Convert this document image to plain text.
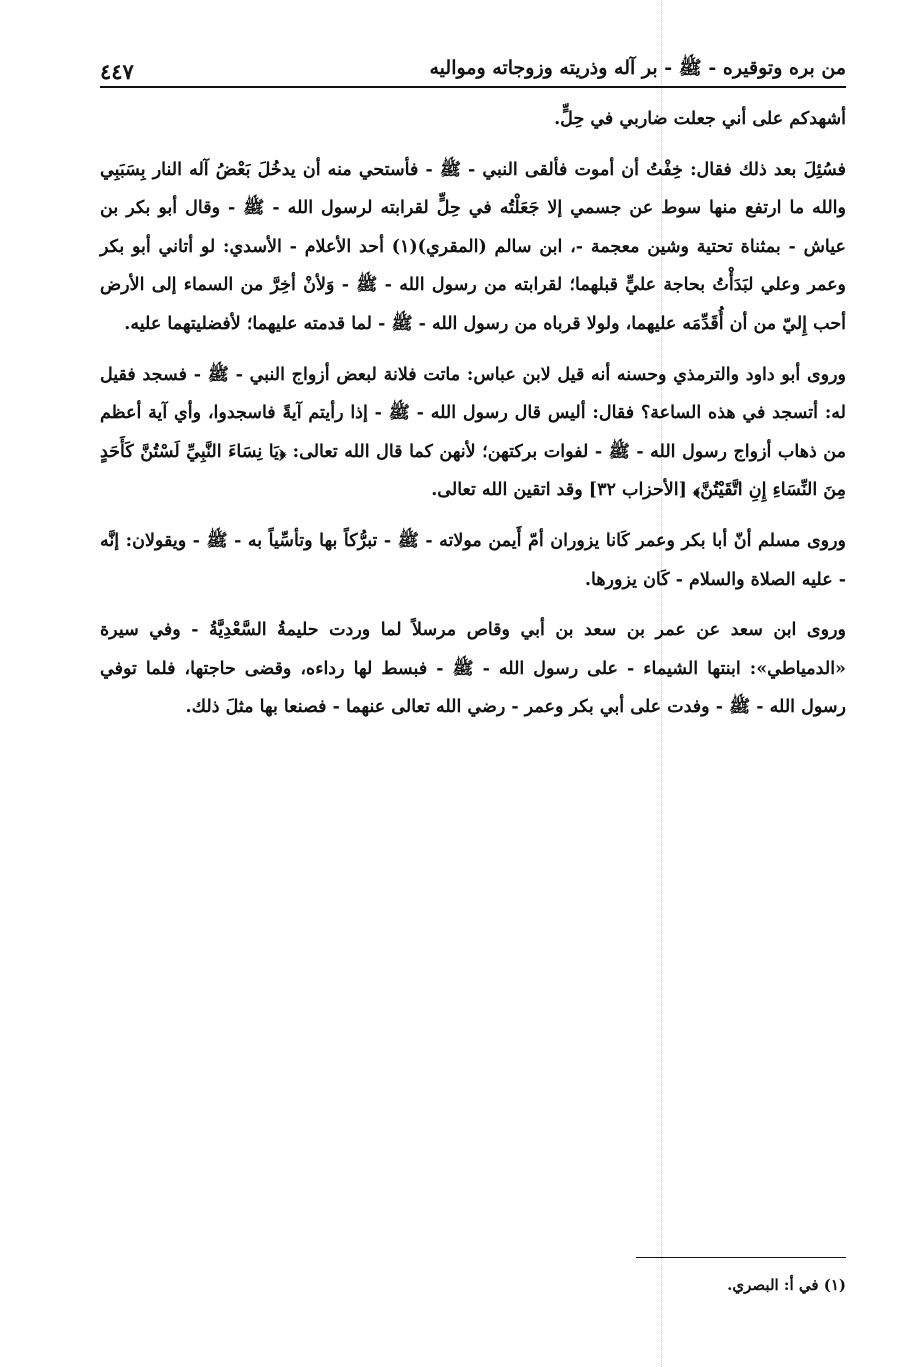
من بره وتوقيره - ﷺ - بر آله وذريته وزوجاته ومواليه
٤٤٧

أشهدكم على أني جعلت ضاربي في حِلٍّ.

فسُئِلَ بعد ذلك فقال: خِفْتُ أن أموت فألقى النبي - ﷺ - فأستحي منه أن يدخُلَ بَعْضُ آله النار بِسَبَبِي والله ما ارتفع منها سوط عن جسمي إلا جَعَلْتُه في حِلٍّ لقرابته لرسول الله - ﷺ - وقال أبو بكر بن عياش - بمثناة تحتية وشين معجمة -، ابن سالم (المقري)(١) أحد الأعلام - الأسدي: لو أتاني أبو بكر وعمر وعلي لبَدَأْتُ بحاجة عليٍّ قبلهما؛ لقرابته من رسول الله - ﷺ - وَلأنْ أخِرَّ من السماء إلى الأرض أحب إِليّ من أن أُقَدِّمَه عليهما، ولولا قرباه من رسول الله - ﷺ - لما قدمته عليهما؛ لأفضليتهما عليه.

وروى أبو داود والترمذي وحسنه أنه قيل لابن عباس: ماتت فلانة لبعض أزواج النبي - ﷺ - فسجد فقيل له: أتسجد في هذه الساعة؟ فقال: أليس قال رسول الله - ﷺ - إذا رأيتم آيةً فاسجدوا، وأي آية أعظم من ذهاب أزواج رسول الله - ﷺ - لفوات بركتهن؛ لأنهن كما قال الله تعالى: ﴿يَا نِسَاءَ النَّبِيِّ لَسْتُنَّ كَأَحَدٍ مِنَ النِّسَاءِ إِنِ اتَّقَيْتُنَّ﴾ [الأحزاب ٣٢] وقد اتقين الله تعالى.

وروى مسلم أنّ أبا بكر وعمر كَانا يزوران أمّ أَيمن مولاته - ﷺ - تبرُّكاً بها وتأسِّياً به - ﷺ - ويقولان: إنَّه - عليه الصلاة والسلام - كَان يزورها.

وروى ابن سعد عن عمر بن سعد بن أبي وقاص مرسلاً لما وردت حليمةُ السَّعْدِيَّةُ - وفي سيرة «الدمياطي»: ابنتها الشيماء - على رسول الله - ﷺ - فبسط لها رداءه، وقضى حاجتها، فلما توفي رسول الله - ﷺ - وفدت على أبي بكر وعمر - رضي الله تعالى عنهما - فصنعا بها مثلَ ذلك.

(١) في أ: البصري.
